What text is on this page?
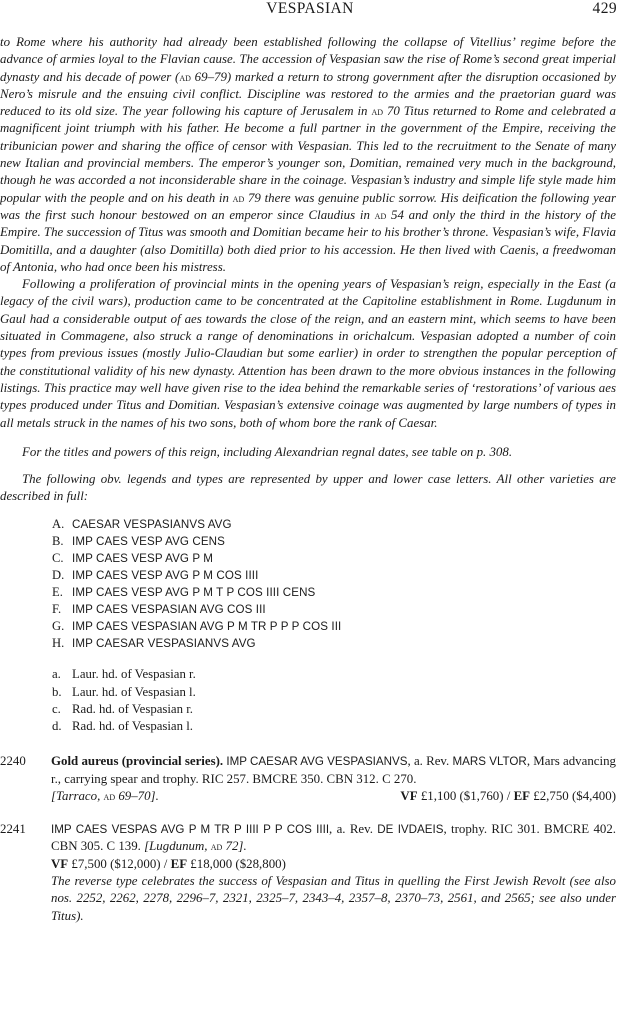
VESPASIAN	429

to Rome where his authority had already been established following the collapse of Vitellius’ regime before the advance of armies loyal to the Flavian cause. The accession of Vespasian saw the rise of Rome’s second great imperial dynasty and his decade of power (ad 69–79) marked a return to strong government after the disruption occasioned by Nero’s misrule and the ensuing civil conflict. Discipline was restored to the armies and the praetorian guard was reduced to its old size. The year following his capture of Jerusalem in ad 70 Titus returned to Rome and celebrated a magnificent joint triumph with his father. He become a full partner in the government of the Empire, receiving the tribunician power and sharing the office of censor with Vespasian. This led to the recruitment to the Senate of many new Italian and provincial members. The emperor’s younger son, Domitian, remained very much in the background, though he was accorded a not inconsiderable share in the coinage. Vespasian’s industry and simple life style made him popular with the people and on his death in ad 79 there was genuine public sorrow. His deification the following year was the first such honour bestowed on an emperor since Claudius in ad 54 and only the third in the history of the Empire. The succession of Titus was smooth and Domitian became heir to his brother’s throne. Vespasian’s wife, Flavia Domitilla, and a daughter (also Domitilla) both died prior to his accession. He then lived with Caenis, a freedwoman of Antonia, who had once been his mistress.

Following a proliferation of provincial mints in the opening years of Vespasian’s reign, especially in the East (a legacy of the civil wars), production came to be concentrated at the Capitoline establishment in Rome. Lugdunum in Gaul had a considerable output of aes towards the close of the reign, and an eastern mint, which seems to have been situated in Commagene, also struck a range of denominations in orichalcum. Vespasian adopted a number of coin types from previous issues (mostly Julio-Claudian but some earlier) in order to strengthen the popular perception of the constitutional validity of his new dynasty. Attention has been drawn to the more obvious instances in the following listings. This practice may well have given rise to the idea behind the remarkable series of ‘restorations’ of various aes types produced under Titus and Domitian. Vespasian’s extensive coinage was augmented by large numbers of types in all metals struck in the names of his two sons, both of whom bore the rank of Caesar.

For the titles and powers of this reign, including Alexandrian regnal dates, see table on p. 308.

The following obv. legends and types are represented by upper and lower case letters. All other varieties are described in full:

A. CAESAR VESPASIANVS AVG
B. IMP CAES VESP AVG CENS
C. IMP CAES VESP AVG P M
D. IMP CAES VESP AVG P M COS IIII
E. IMP CAES VESP AVG P M T P COS IIII CENS
F. IMP CAES VESPASIAN AVG COS III
G. IMP CAES VESPASIAN AVG P M TR P P P COS III
H. IMP CAESAR VESPASIANVS AVG
a. Laur. hd. of Vespasian r.
b. Laur. hd. of Vespasian l.
c. Rad. hd. of Vespasian r.
d. Rad. hd. of Vespasian l.
2240 Gold aureus (provincial series). IMP CAESAR AVG VESPASIANVS, a. Rev. MARS VLTOR, Mars advancing r., carrying spear and trophy. RIC 257. BMCRE 350. CBN 312. C 270.

[Tarraco, ad 69–70].	VF £1,100 ($1,760) / EF £2,750 ($4,400)

2241 IMP CAES VESPAS AVG P M TR P IIII P P COS IIII, a. Rev. DE IVDAEIS, trophy. RIC 301. BMCRE 402. CBN 305. C 139. [Lugdunum, ad 72].

VF £7,500 ($12,000) / EF £18,000 ($28,800)

The reverse type celebrates the success of Vespasian and Titus in quelling the First Jewish Revolt (see also nos. 2252, 2262, 2278, 2296–7, 2321, 2325–7, 2343–4, 2357–8, 2370–73, 2561, and 2565; see also under Titus).
